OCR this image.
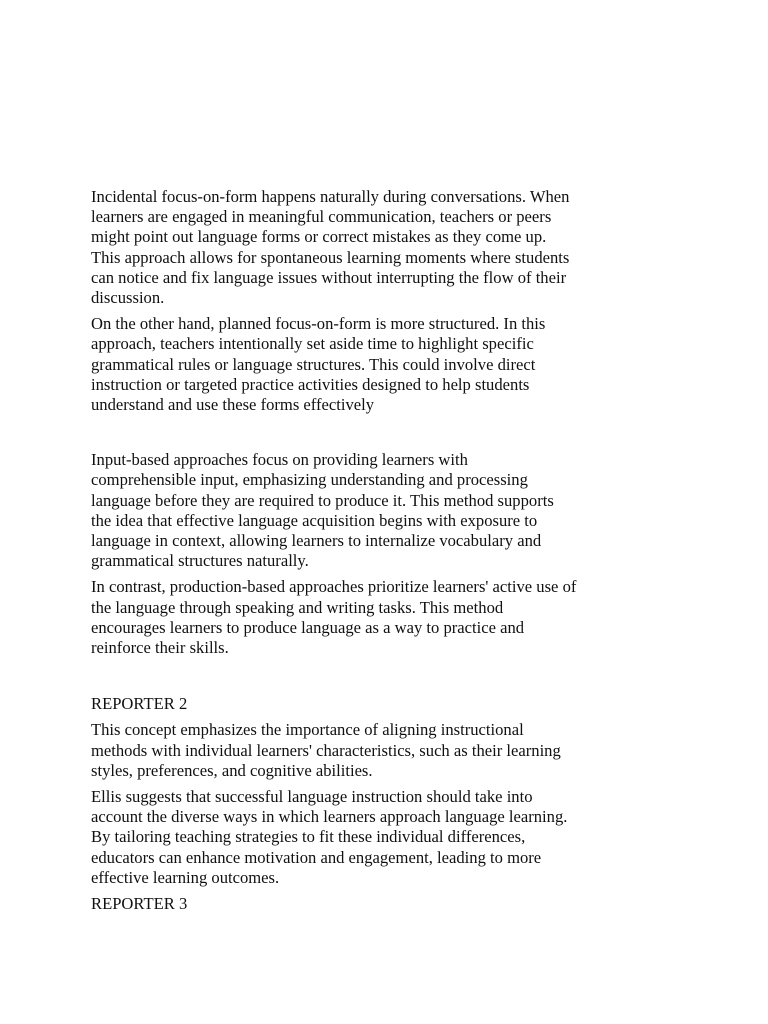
Incidental focus-on-form happens naturally during conversations. When
learners are engaged in meaningful communication, teachers or peers
might point out language forms or correct mistakes as they come up.
This approach allows for spontaneous learning moments where students
can notice and fix language issues without interrupting the flow of their
discussion.

On the other hand, planned focus-on-form is more structured. In this
approach, teachers intentionally set aside time to highlight specific
grammatical rules or language structures. This could involve direct
instruction or targeted practice activities designed to help students
understand and use these forms effectively

Input-based approaches focus on providing learners with
comprehensible input, emphasizing understanding and processing
language before they are required to produce it. This method supports
the idea that effective language acquisition begins with exposure to
language in context, allowing learners to internalize vocabulary and
grammatical structures naturally.

In contrast, production-based approaches prioritize learners' active use of
the language through speaking and writing tasks. This method
encourages learners to produce language as a way to practice and
reinforce their skills.

REPORTER 2

This concept emphasizes the importance of aligning instructional
methods with individual learners' characteristics, such as their learning
styles, preferences, and cognitive abilities.

Ellis suggests that successful language instruction should take into
account the diverse ways in which learners approach language learning.
By tailoring teaching strategies to fit these individual differences,
educators can enhance motivation and engagement, leading to more
effective learning outcomes.

REPORTER 3
